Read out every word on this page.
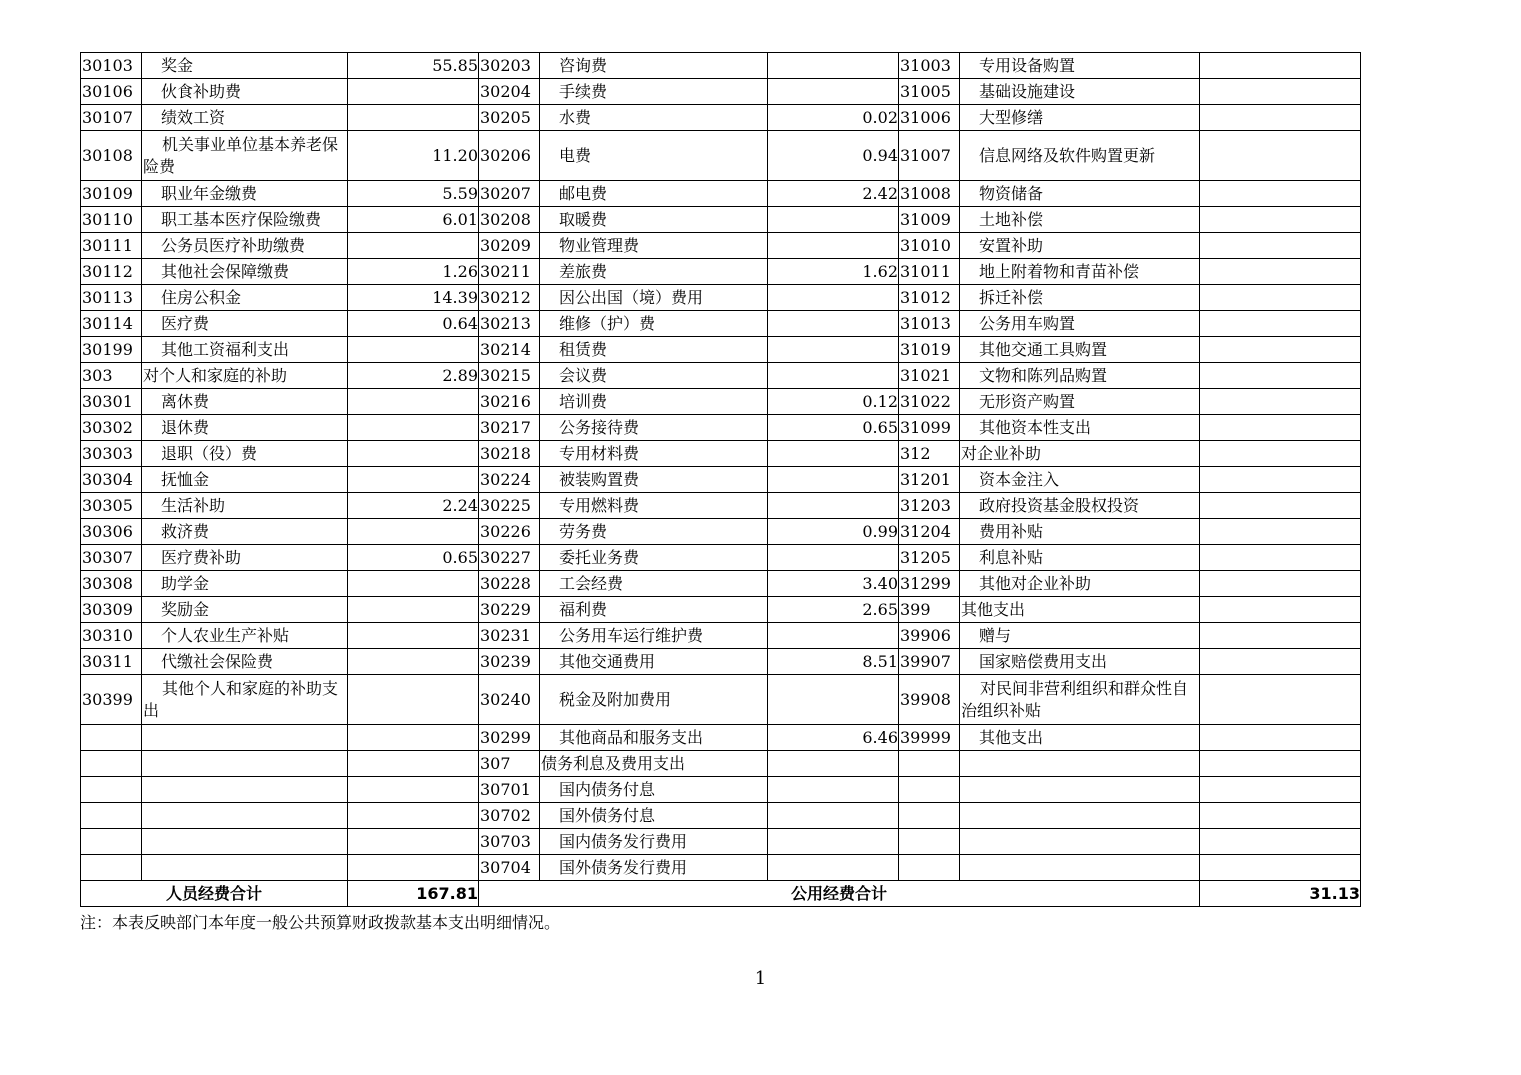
30103	奖金	55.85	30203	咨询费		31003	专用设备购置	
30106	伙食补助费		30204	手续费		31005	基础设施建设	
30107	绩效工资		30205	水费	0.02	31006	大型修缮	
30108	机关事业单位基本养老保险费	11.20	30206	电费	0.94	31007	信息网络及软件购置更新	
30109	职业年金缴费	5.59	30207	邮电费	2.42	31008	物资储备	
30110	职工基本医疗保险缴费	6.01	30208	取暖费		31009	土地补偿	
30111	公务员医疗补助缴费		30209	物业管理费		31010	安置补助	
30112	其他社会保障缴费	1.26	30211	差旅费	1.62	31011	地上附着物和青苗补偿	
30113	住房公积金	14.39	30212	因公出国（境）费用		31012	拆迁补偿	
30114	医疗费	0.64	30213	维修（护）费		31013	公务用车购置	
30199	其他工资福利支出		30214	租赁费		31019	其他交通工具购置	
303	对个人和家庭的补助	2.89	30215	会议费		31021	文物和陈列品购置	
30301	离休费		30216	培训费	0.12	31022	无形资产购置	
30302	退休费		30217	公务接待费	0.65	31099	其他资本性支出	
30303	退职（役）费		30218	专用材料费		312	对企业补助	
30304	抚恤金		30224	被装购置费		31201	资本金注入	
30305	生活补助	2.24	30225	专用燃料费		31203	政府投资基金股权投资	
30306	救济费		30226	劳务费	0.99	31204	费用补贴	
30307	医疗费补助	0.65	30227	委托业务费		31205	利息补贴	
30308	助学金		30228	工会经费	3.40	31299	其他对企业补助	
30309	奖励金		30229	福利费	2.65	399	其他支出	
30310	个人农业生产补贴		30231	公务用车运行维护费		39906	赠与	
30311	代缴社会保险费		30239	其他交通费用	8.51	39907	国家赔偿费用支出	
30399	其他个人和家庭的补助支出		30240	税金及附加费用		39908	对民间非营利组织和群众性自治组织补贴	
			30299	其他商品和服务支出	6.46	39999	其他支出	
			307	债务利息及费用支出				
			30701	国内债务付息				
			30702	国外债务付息				
			30703	国内债务发行费用				
			30704	国外债务发行费用				
人员经费合计		167.81	公用经费合计					31.13
注：本表反映部门本年度一般公共预算财政拨款基本支出明细情况。
1
